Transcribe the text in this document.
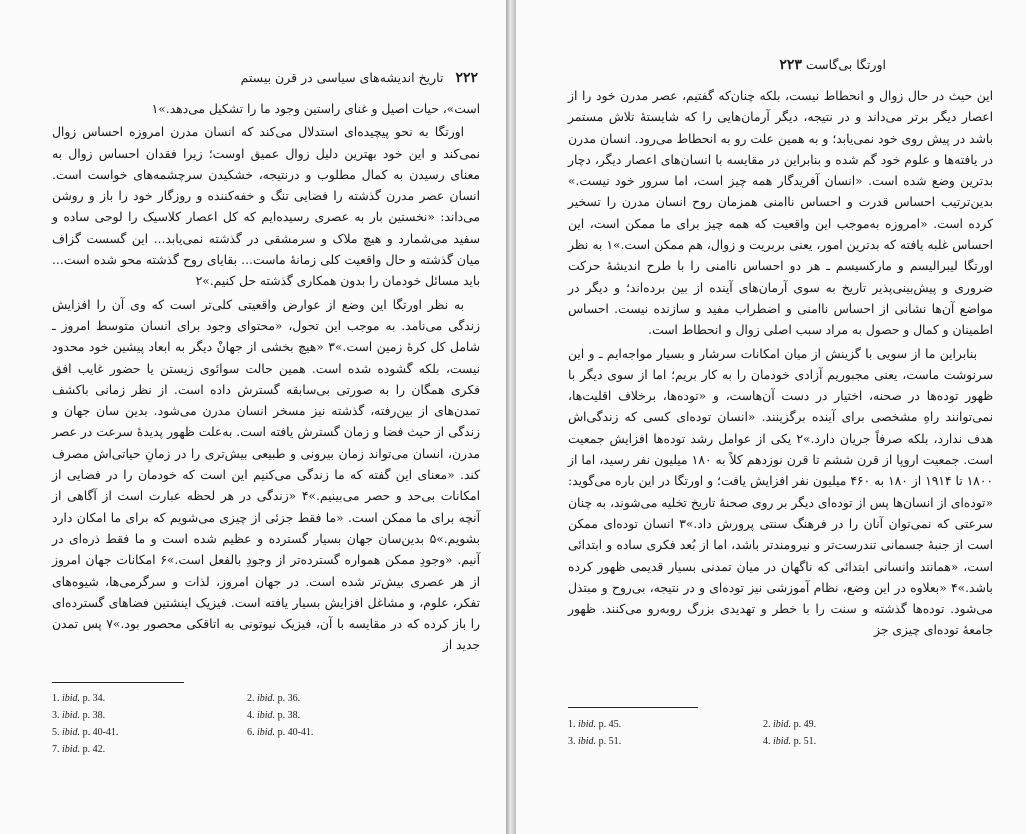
۲۲۲ تاریخ اندیشه‌های سیاسی در قرن بیستم

است»، حیات اصیل و غنای راستین وجود ما را تشکیل می‌دهد.»۱

اورتگا به‌ نحو پیچیده‌ای استدلال می‌کند که انسان مدرن امروزه احساس زوال نمی‌کند و این خود بهترین دلیل زوال عمیق اوست؛ زیرا فقدان احساس زوال به معنای رسیدن به کمال مطلوب و درنتیجه، خشکیدن سرچشمه‌های خواست است. انسان عصر مدرن گذشته را فضایی تنگ و خفه‌کننده و روزگار خود را باز و روشن می‌داند: «نخستین بار به عصری رسیده‌ایم که کل اعصار کلاسیک را لوحی ساده و سفید می‌شمارد و هیچ ملاک و سرمشقی در گذشته نمی‌یابد... این گسست گزاف میان گذشته و حال واقعیت کلی زمانهٔ ماست... بقایای روح گذشته محو شده است... باید مسائل خودمان را بدون همکاری گذشته حل کنیم.»۲

به نظر اورتگا این وضع از عوارض واقعیتی کلی‌تر است که وی آن را افزایش زندگی می‌نامد. به موجب این تحول، «محتوای وجود برای انسان متوسط امروز ـ شامل کل کرهٔ زمین است.»۳ «هیچ بخشی از جهانْ دیگر به ابعاد پیشین خود محدود نیست، بلکه گشوده شده است. همین حالت سوائوی زیستن یا حضور غایب افق فکری همگان را به صورتی بی‌سابقه گسترش داده است. از نظر زمانی باکشف تمدن‌های از بین‌رفته، گذشته نیز مسخر انسان مدرن می‌شود. بدین سان جهان و زندگی از حیث فضا و زمان گسترش یافته است. به‌علت ظهور پدیدهٔ سرعت در عصر مدرن، انسان می‌تواند زمان بیرونی و طبیعی بیش‌تری را در زمانِ حیاتی‌اش مصرف کند. «معنای این گفته که ما زندگی می‌کنیم این است که خودمان را در فضایی از امکانات بی‌حد و حصر می‌بینیم.»۴ «زندگی در هر لحظه عبارت است از آگاهی از آنچه برای ما ممکن است. «ما فقط جزئی از چیزی می‌شویم که برای ما امکان دارد بشویم.»۵ بدین‌سان جهان بسیار گسترده و عظیم شده است و ما فقط ذره‌ای در آنیم. «وجودِ ممکن همواره گسترده‌تر از وجودِ بالفعل است.»۶ امکانات جهان امروز از هر عصری بیش‌تر شده است. در جهان امروز، لذات و سرگرمی‌ها، شیوه‌های تفکر، علوم، و مشاغل افزایش بسیار یافته است. فیزیک اینشتین فضاهای گسترده‌ای را باز کرده که در مقایسه با آن، فیزیک نیوتونی به اتاقکی محصور بود.»۷ پس تمدن جدید از

1. ibid. p. 34.	2. ibid. p. 36.
3. ibid. p. 38.	4. ibid. p. 38.
5. ibid. p. 40-41.	6. ibid. p. 40-41.
7. ibid. p. 42.
اورتگا ‌‌بی‌گاست ۲۲۳

این حیث در حال زوال و انحطاط نیست، بلکه چنان‌که گفتیم، عصر مدرن خود را از اعصار دیگر برتر می‌داند و در نتیجه، دیگر آرمان‌هایی را که شایستهٔ تلاش مستمر باشد در پیش روی خود نمی‌یابد؛ و به همین علت رو به انحطاط می‌رود. انسان مدرن در یافته‌ها و علوم خود گم شده و بنابراین در مقایسه با انسان‌های اعصار دیگر، دچار بدترین وضع شده است. «انسان آفریدگار همه چیز است، اما سرور خود نیست.» بدین‌ترتیب احساس قدرت و احساس ناامنی همزمان روح انسان مدرن را تسخیر کرده است. «امروزه به‌موجب این واقعیت که همه چیز برای ما ممکن است، این احساس غلبه یافته که بدترین امور، یعنی بربریت و زوال، هم ممکن است.»۱ به نظر اورتگا لیبرالیسم و مارکسیسم ـ هر دو احساس ناامنی را با طرح اندیشهٔ حرکت ضروری و پیش‌بینی‌پذیر تاریخ به سوی آرمان‌های آینده از بین برده‌اند؛ و دیگر در مواضع آن‌ها نشانی از احساس ناامنی و اضطراب مفید و سازنده نیست. احساس اطمینان و کمال و حصول به مراد سبب اصلی زوال و انحطاط است.

بنابراین ما از سویی با گزینش از میان امکانات سرشار و بسیار مواجه‌ایم ـ و این سرنوشت ماست، یعنی مجبوریم آزادی خودمان را به کار بریم؛ اما از سوی دیگر با ظهور توده‌ها در صحنه، اختیار در دست آن‌هاست، و «توده‌ها، برخلاف اقلیت‌ها، نمی‌توانند راهِ مشخصی برای آینده برگزینند. «انسان توده‌ای کسی که زندگی‌اش هدف ندارد، بلکه صرفاً جریان دارد.»۲ یکی از عوامل رشد توده‌ها افزایش جمعیت است. جمعیت اروپا از قرن ششم تا قرن نوزدهم کلاً به ۱۸۰ میلیون نفر رسید، اما از ۱۸۰۰ تا ۱۹۱۴ از ۱۸۰ به ۴۶۰ میلیون نفر افزایش یافت؛ و اورتگا در این باره می‌گوید: «توده‌ای از انسان‌ها پس از توده‌ای دیگر بر روی صحنهٔ تاریخ تخلیه می‌شوند، به چنان سرعتی که نمی‌توان آنان را در فرهنگ سنتی پرورش داد.»۳ انسان توده‌ای ممکن است از جنبهٔ جسمانی تندرست‌تر و نیرومندتر باشد، اما از بُعد فکری ساده و ابتدائی است، «همانند وانسانی ابتدائی که ناگهان در میان تمدنی بسیار قدیمی ظهور کرده باشد.»۴ «بعلاوه در این وضع، نظام آموزشی نیز توده‌ای و در نتیجه، بی‌روح و مبتذل می‌شود. توده‌ها گذشته و سنت را با خطر و تهدیدی بزرگ روبه‌رو می‌کنند. ظهور جامعهٔ توده‌ای چیزی جز

1. ibid. p. 45.	2. ibid. p. 49.
3. ibid. p. 51.	4. ibid. p. 51.
